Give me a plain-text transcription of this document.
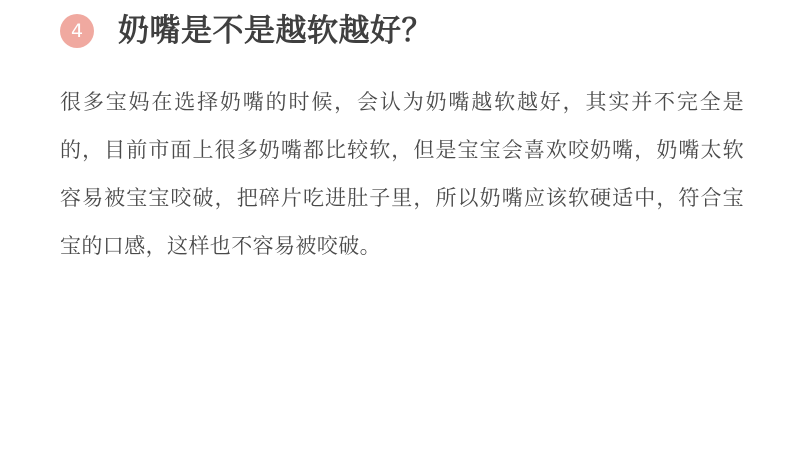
4	奶嘴是不是越软越好？
很多宝妈在选择奶嘴的时候，会认为奶嘴越软越好，其实并不完全是的，目前市面上很多奶嘴都比较软，但是宝宝会喜欢咬奶嘴，奶嘴太软容易被宝宝咬破，把碎片吃进肚子里，所以奶嘴应该软硬适中，符合宝宝的口感，这样也不容易被咬破。
